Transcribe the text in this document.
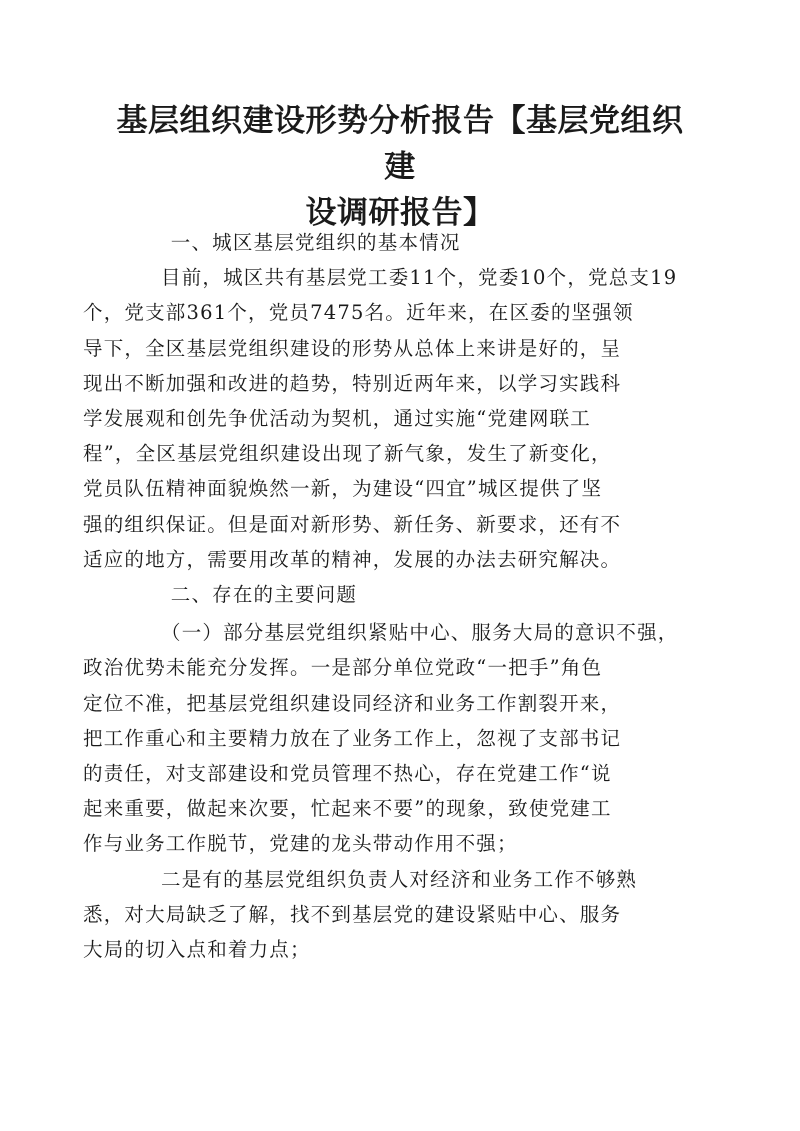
基层组织建设形势分析报告【基层党组织建
设调研报告】

一、城区基层党组织的基本情况

目前，城区共有基层党工委11个，党委10个，党总支19
个，党支部361个，党员7475名。近年来，在区委的坚强领
导下，全区基层党组织建设的形势从总体上来讲是好的，呈
现出不断加强和改进的趋势，特别近两年来，以学习实践科
学发展观和创先争优活动为契机，通过实施“党建网联工
程”，全区基层党组织建设出现了新气象，发生了新变化，
党员队伍精神面貌焕然一新，为建设“四宜”城区提供了坚
强的组织保证。但是面对新形势、新任务、新要求，还有不
适应的地方，需要用改革的精神，发展的办法去研究解决。

二、存在的主要问题

（一）部分基层党组织紧贴中心、服务大局的意识不强，
政治优势未能充分发挥。一是部分单位党政“一把手”角色
定位不准，把基层党组织建设同经济和业务工作割裂开来，
把工作重心和主要精力放在了业务工作上，忽视了支部书记
的责任，对支部建设和党员管理不热心，存在党建工作“说
起来重要，做起来次要，忙起来不要”的现象，致使党建工
作与业务工作脱节，党建的龙头带动作用不强；

二是有的基层党组织负责人对经济和业务工作不够熟
悉，对大局缺乏了解，找不到基层党的建设紧贴中心、服务
大局的切入点和着力点；
